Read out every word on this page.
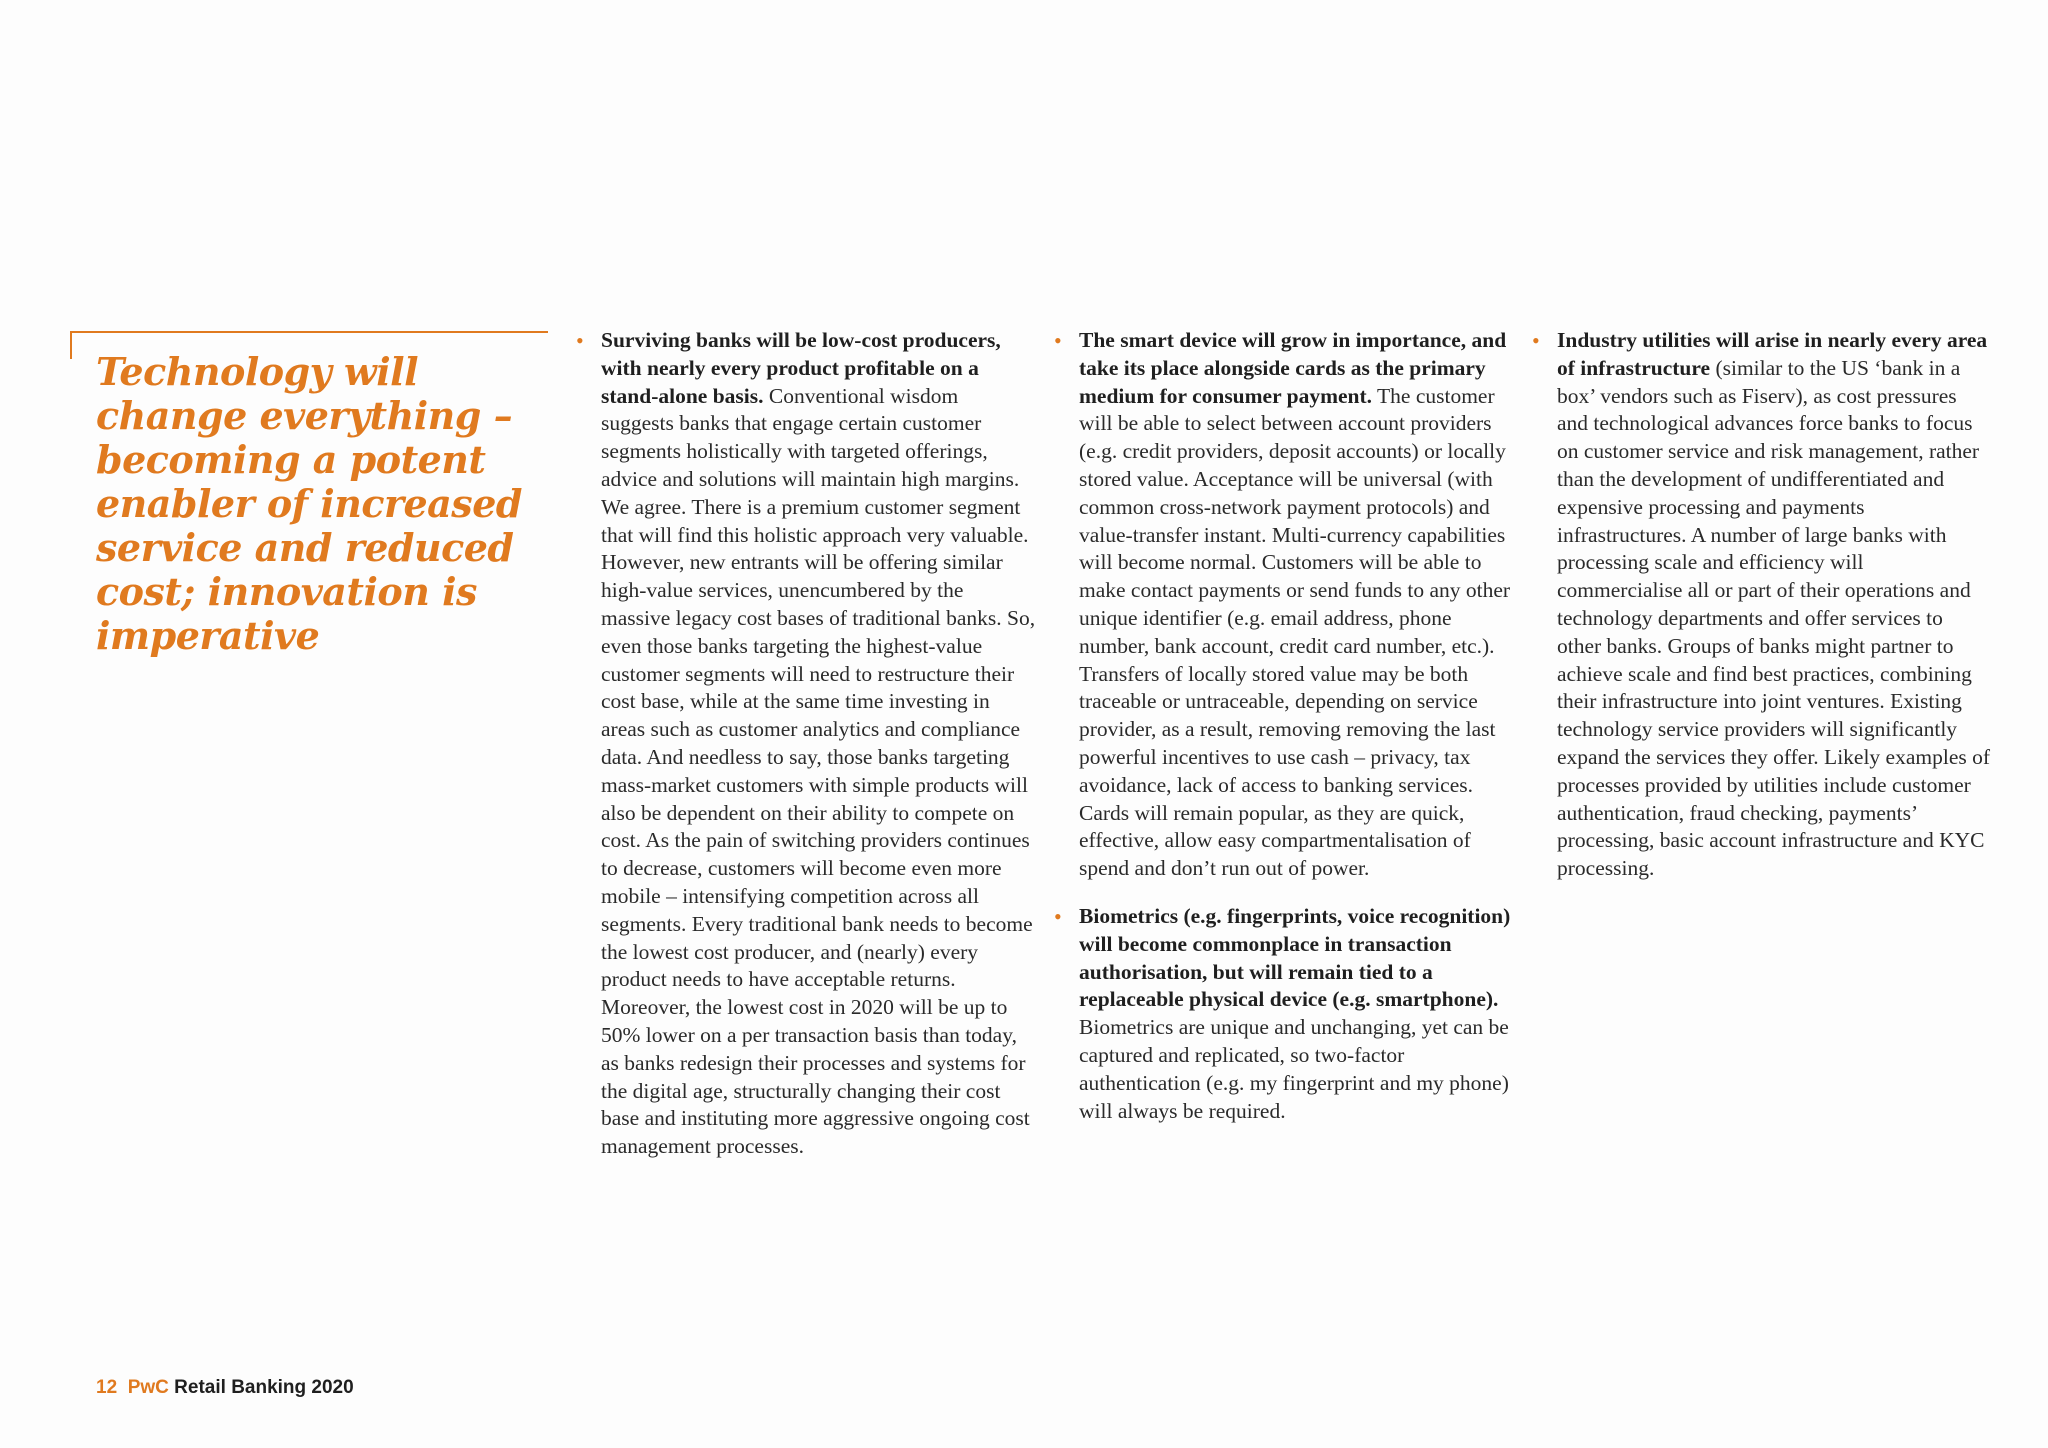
Technology will change everything – becoming a potent enabler of increased service and reduced cost; innovation is imperative

• Surviving banks will be low-cost producers, with nearly every product profitable on a stand-alone basis. Conventional wisdom suggests banks that engage certain customer segments holistically with targeted offerings, advice and solutions will maintain high margins. We agree. There is a premium customer segment that will find this holistic approach very valuable. However, new entrants will be offering similar high-value services, unencumbered by the massive legacy cost bases of traditional banks. So, even those banks targeting the highest-value customer segments will need to restructure their cost base, while at the same time investing in areas such as customer analytics and compliance data. And needless to say, those banks targeting mass-market customers with simple products will also be dependent on their ability to compete on cost. As the pain of switching providers continues to decrease, customers will become even more mobile – intensifying competition across all segments. Every traditional bank needs to become the lowest cost producer, and (nearly) every product needs to have acceptable returns. Moreover, the lowest cost in 2020 will be up to 50% lower on a per transaction basis than today, as banks redesign their processes and systems for the digital age, structurally changing their cost base and instituting more aggressive ongoing cost management processes.

• The smart device will grow in importance, and take its place alongside cards as the primary medium for consumer payment. The customer will be able to select between account providers (e.g. credit providers, deposit accounts) or locally stored value. Acceptance will be universal (with common cross-network payment protocols) and value-transfer instant. Multi-currency capabilities will become normal. Customers will be able to make contact payments or send funds to any other unique identifier (e.g. email address, phone number, bank account, credit card number, etc.). Transfers of locally stored value may be both traceable or untraceable, depending on service provider, as a result, removing removing the last powerful incentives to use cash – privacy, tax avoidance, lack of access to banking services. Cards will remain popular, as they are quick, effective, allow easy compartmentalisation of spend and don’t run out of power.

• Biometrics (e.g. fingerprints, voice recognition) will become commonplace in transaction authorisation, but will remain tied to a replaceable physical device (e.g. smartphone). Biometrics are unique and unchanging, yet can be captured and replicated, so two-factor authentication (e.g. my fingerprint and my phone) will always be required.

• Industry utilities will arise in nearly every area of infrastructure (similar to the US ‘bank in a box’ vendors such as Fiserv), as cost pressures and technological advances force banks to focus on customer service and risk management, rather than the development of undifferentiated and expensive processing and payments infrastructures. A number of large banks with processing scale and efficiency will commercialise all or part of their operations and technology departments and offer services to other banks. Groups of banks might partner to achieve scale and find best practices, combining their infrastructure into joint ventures. Existing technology service providers will significantly expand the services they offer. Likely examples of processes provided by utilities include customer authentication, fraud checking, payments’ processing, basic account infrastructure and KYC processing.

12 PwC Retail Banking 2020
